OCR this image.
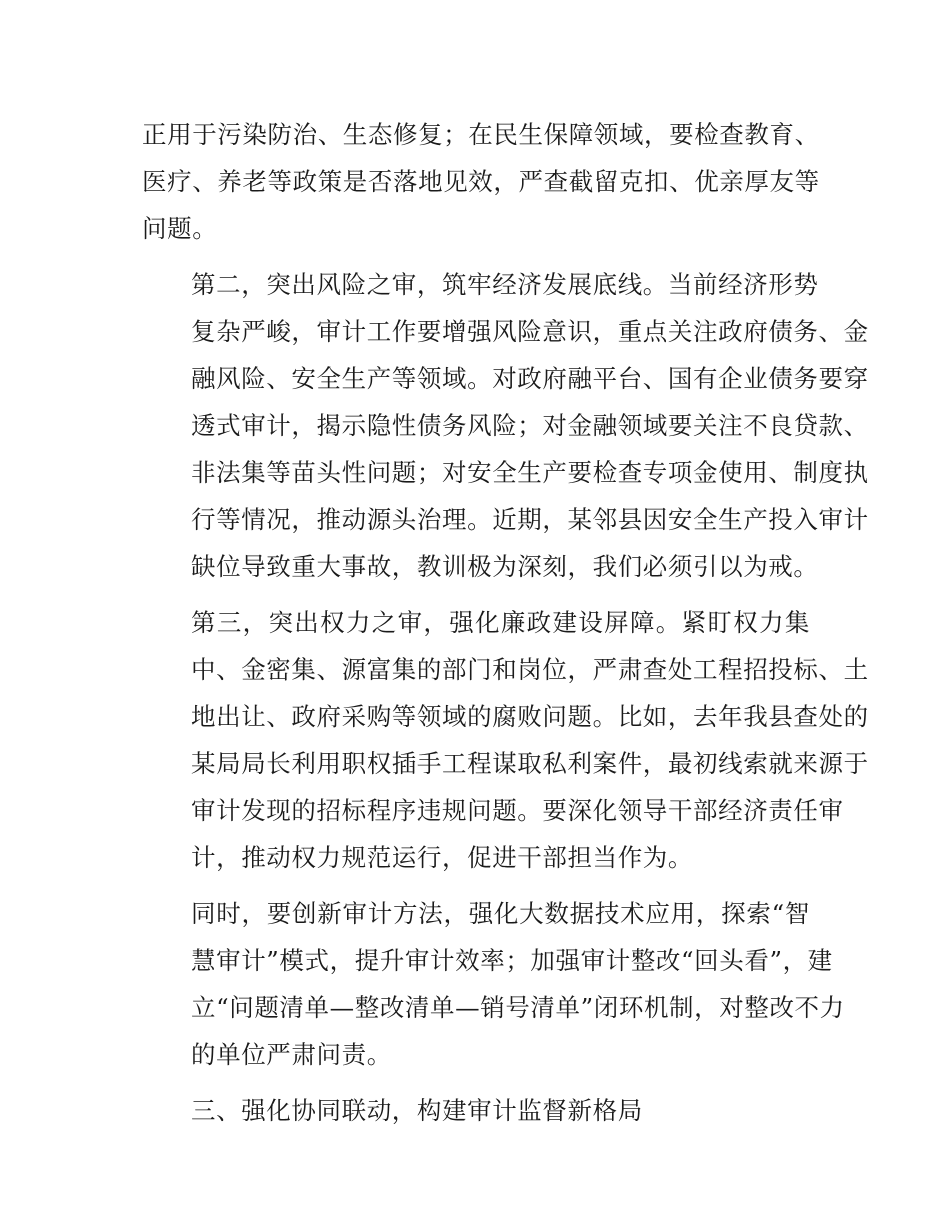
正用于污染防治、生态修复；在民生保障领域，要检查教育、
医疗、养老等政策是否落地见效，严查截留克扣、优亲厚友等
问题。
第二，突出风险之审，筑牢经济发展底线。当前经济形势
复杂严峻，审计工作要增强风险意识，重点关注政府债务、金
融风险、安全生产等领域。对政府融平台、国有企业债务要穿
透式审计，揭示隐性债务风险；对金融领域要关注不良贷款、
非法集等苗头性问题；对安全生产要检查专项金使用、制度执
行等情况，推动源头治理。近期，某邻县因安全生产投入审计
缺位导致重大事故，教训极为深刻，我们必须引以为戒。
第三，突出权力之审，强化廉政建设屏障。紧盯权力集
中、金密集、源富集的部门和岗位，严肃查处工程招投标、土
地出让、政府采购等领域的腐败问题。比如，去年我县查处的
某局局长利用职权插手工程谋取私利案件，最初线索就来源于
审计发现的招标程序违规问题。要深化领导干部经济责任审
计，推动权力规范运行，促进干部担当作为。
同时，要创新审计方法，强化大数据技术应用，探索“智
慧审计”模式，提升审计效率；加强审计整改“回头看”，建
立“问题清单—整改清单—销号清单”闭环机制，对整改不力
的单位严肃问责。
三、强化协同联动，构建审计监督新格局
